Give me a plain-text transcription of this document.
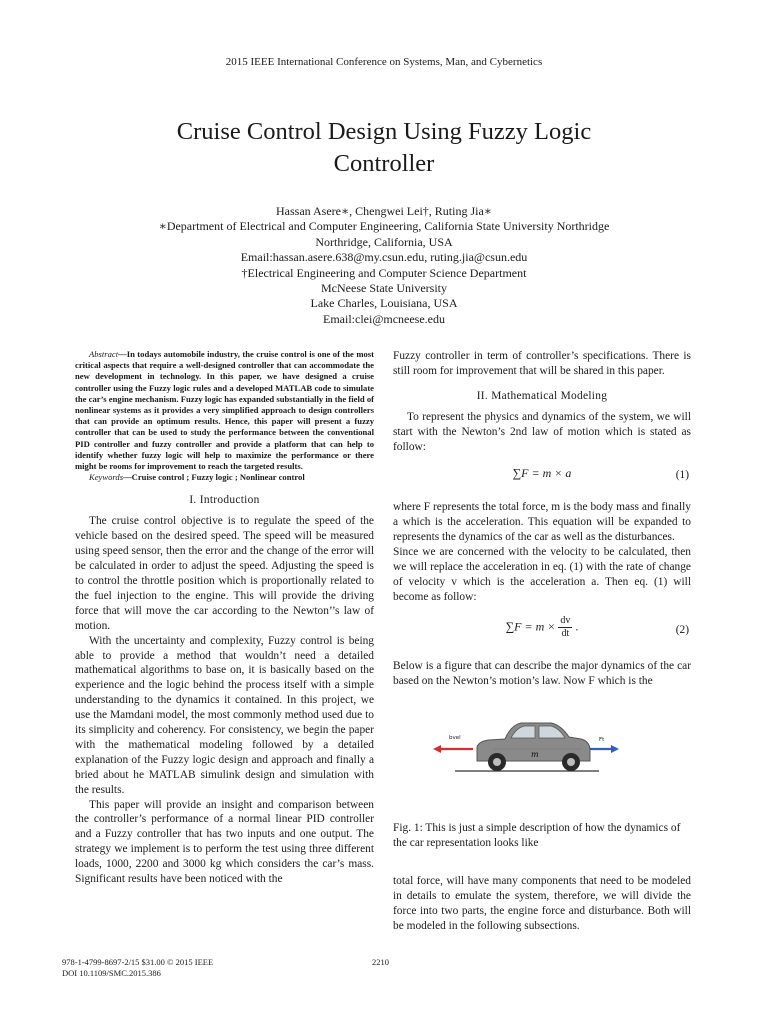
2015 IEEE International Conference on Systems, Man, and Cybernetics
Cruise Control Design Using Fuzzy Logic
Controller
Hassan Asere∗, Chengwei Lei†, Ruting Jia∗
∗Department of Electrical and Computer Engineering, California State University Northridge
Northridge, California, USA
Email:hassan.asere.638@my.csun.edu, ruting.jia@csun.edu
†Electrical Engineering and Computer Science Department
McNeese State University
Lake Charles, Louisiana, USA
Email:clei@mcneese.edu

Abstract—In todays automobile industry, the cruise control is one of the most critical aspects that require a well-designed controller that can accommodate the new development in technology. In this paper, we have designed a cruise controller using the Fuzzy logic rules and a developed MATLAB code to simulate the car’s engine mechanism. Fuzzy logic has expanded substantially in the field of nonlinear systems as it provides a very simplified approach to design controllers that can provide an optimum results. Hence, this paper will present a fuzzy controller that can be used to study the performance between the conventional PID controller and fuzzy controller and provide a platform that can help to identify whether fuzzy logic will help to maximize the performance or there might be rooms for improvement to reach the targeted results.

Keywords—Cruise control ; Fuzzy logic ; Nonlinear control

I. Introduction

The cruise control objective is to regulate the speed of the vehicle based on the desired speed. The speed will be measured using speed sensor, then the error and the change of the error will be calculated in order to adjust the speed. Adjusting the speed is to control the throttle position which is proportionally related to the fuel injection to the engine. This will provide the driving force that will move the car according to the Newton’’s law of motion.

With the uncertainty and complexity, Fuzzy control is being able to provide a method that wouldn’t need a detailed mathematical algorithms to base on, it is basically based on the experience and the logic behind the process itself with a simple understanding to the dynamics it contained. In this project, we use the Mamdani model, the most commonly method used due to its simplicity and coherency. For consistency, we begin the paper with the mathematical modeling followed by a detailed explanation of the Fuzzy logic design and approach and finally a bried about he MATLAB simulink design and simulation with the results.

This paper will provide an insight and comparison between the controller’s performance of a normal linear PID controller and a Fuzzy controller that has two inputs and one output. The strategy we implement is to perform the test using three different loads, 1000, 2200 and 3000 kg which considers the car’s mass. Significant results have been noticed with the

Fuzzy controller in term of controller’s specifications. There is still room for improvement that will be shared in this paper.

II. Mathematical Modeling

To represent the physics and dynamics of the system, we will start with the Newton’s 2nd law of motion which is stated as follow:

∑F = m × a	(1)

where F represents the total force, m is the body mass and finally a which is the acceleration. This equation will be expanded to represents the dynamics of the car as well as the disturbances.

Since we are concerned with the velocity to be calculated, then we will replace the acceleration in eq. (1) with the rate of change of velocity v which is the acceleration a. Then eq. (1) will become as follow:

$\sum F = m \times \frac{dv}{dt}$ .	(2)

Below is a figure that can describe the major dynamics of the car based on the Newton’s motion’s law. Now F which is the

bvel	Ft
m

Fig. 1: This is just a simple description of how the dynamics of the car representation looks like

total force, will have many components that need to be modeled in details to emulate the system, therefore, we will divide the force into two parts, the engine force and disturbance. Both will be modeled in the following subsections.

978-1-4799-8697-2/15 $31.00 © 2015 IEEE
DOI 10.1109/SMC.2015.386
2210
